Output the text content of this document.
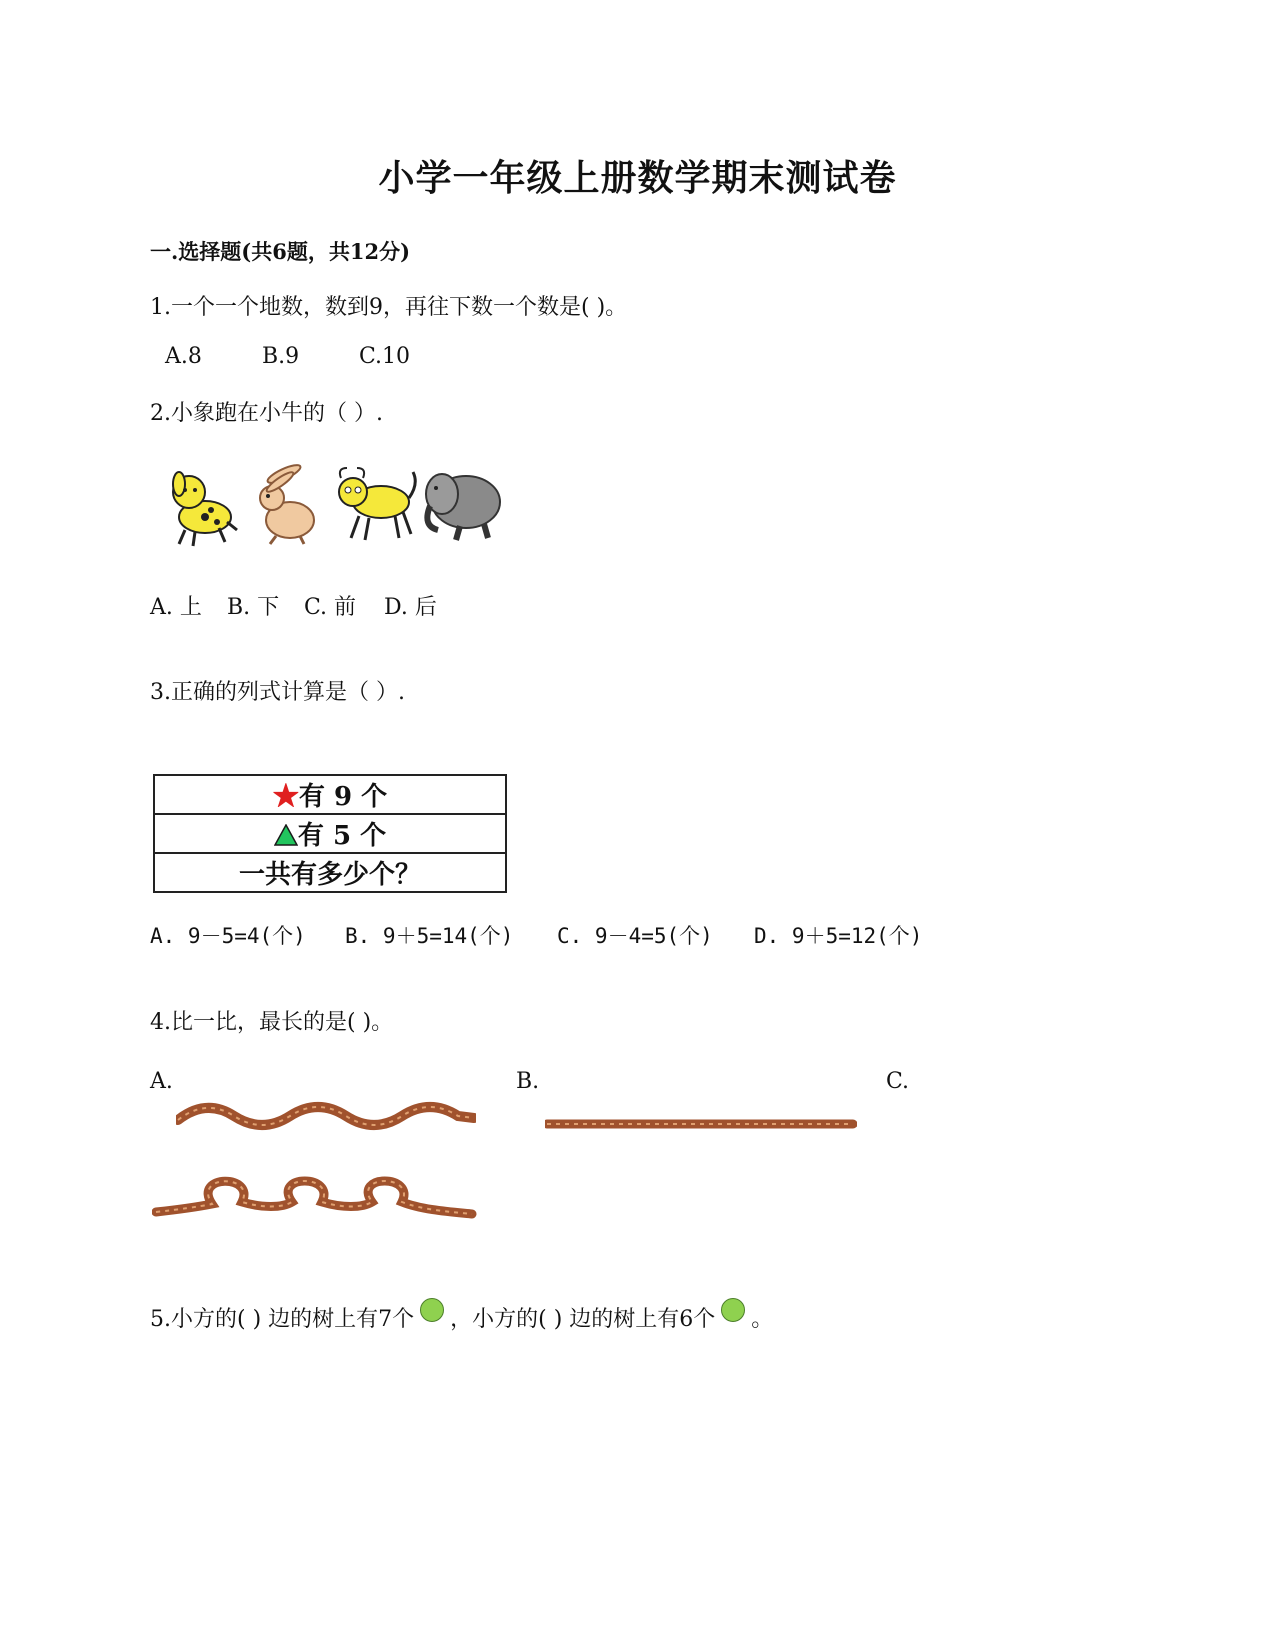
小学一年级上册数学期末测试卷
一.选择题(共6题，共12分)
1.一个一个地数，数到9，再往下数一个数是( )。
A.8	B.9	C.10
2.小象跑在小牛的（ ）.
A. 上 B. 下 C. 前 D. 后
3.正确的列式计算是（ ）.
★有 9 个
有 5 个
一共有多少个？
A. 9－5=4(个) B. 9＋5=14(个) C. 9－4=5(个) D. 9＋5=12(个)
4.比一比，最长的是( )。
A.	B.	C.
5.小方的( ) 边的树上有7个 ，小方的( ) 边的树上有6个 。
